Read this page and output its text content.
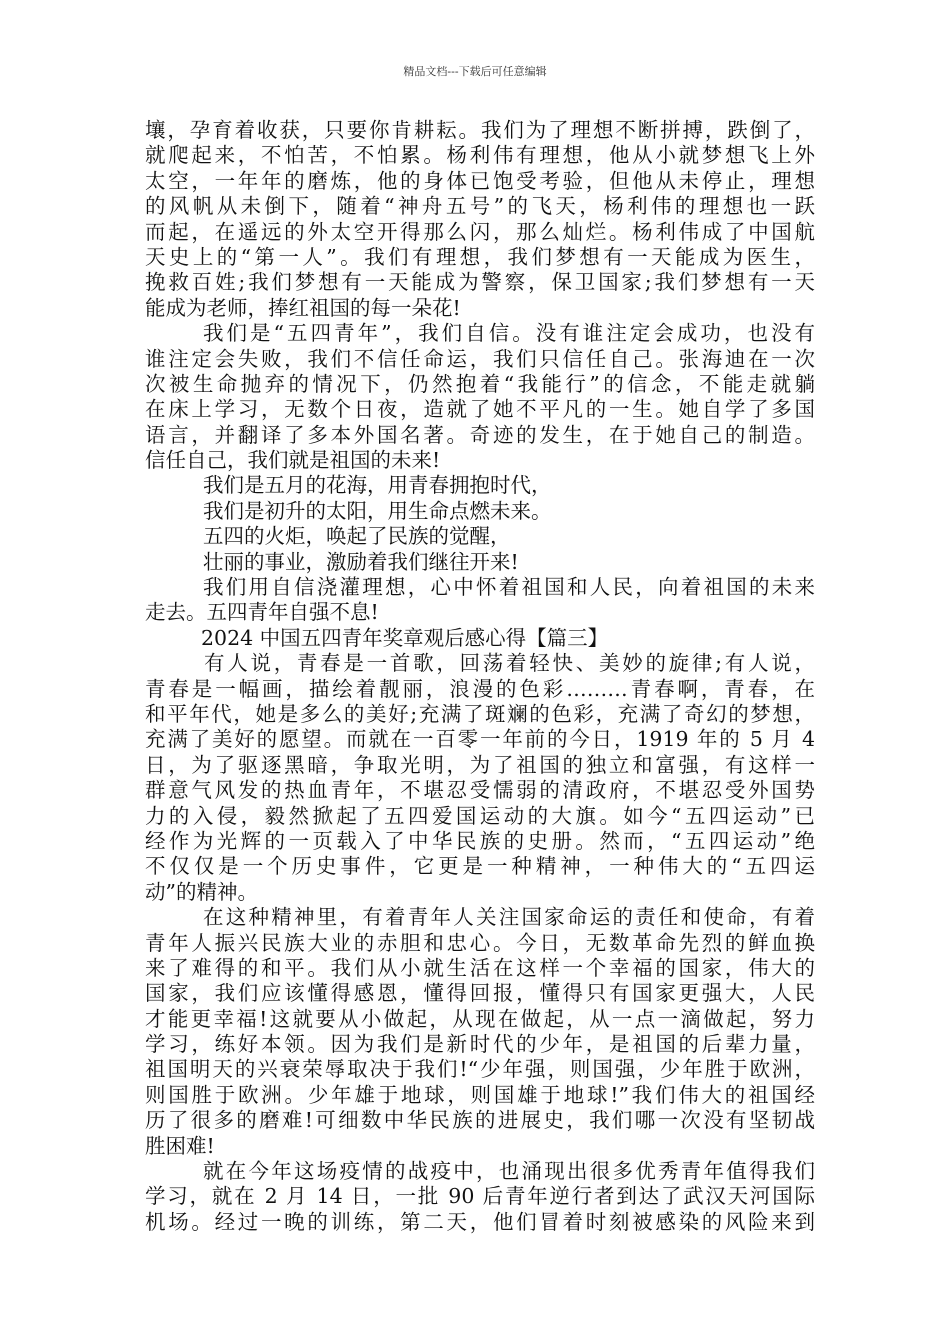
精品文档---下载后可任意编辑
壤，孕育着收获，只要你肯耕耘。我们为了理想不断拼搏，跌倒了，
就爬起来，不怕苦，不怕累。杨利伟有理想，他从小就梦想飞上外
太空，一年年的磨炼，他的身体已饱受考验，但他从未停止，理想
的风帆从未倒下，随着“神舟五号”的飞天，杨利伟的理想也一跃
而起，在遥远的外太空开得那么闪，那么灿烂。杨利伟成了中国航
天史上的“第一人”。我们有理想，我们梦想有一天能成为医生，
挽救百姓;我们梦想有一天能成为警察，保卫国家;我们梦想有一天
能成为老师，捧红祖国的每一朵花!
我们是“五四青年”，我们自信。没有谁注定会成功，也没有
谁注定会失败，我们不信任命运，我们只信任自己。张海迪在一次
次被生命抛弃的情况下，仍然抱着“我能行”的信念，不能走就躺
在床上学习，无数个日夜，造就了她不平凡的一生。她自学了多国
语言，并翻译了多本外国名著。奇迹的发生，在于她自己的制造。
信任自己，我们就是祖国的未来!
我们是五月的花海，用青春拥抱时代，
我们是初升的太阳，用生命点燃未来。
五四的火炬，唤起了民族的觉醒，
壮丽的事业，激励着我们继往开来!
我们用自信浇灌理想，心中怀着祖国和人民，向着祖国的未来
走去。五四青年自强不息!
2024 中国五四青年奖章观后感心得【篇三】
有人说，青春是一首歌，回荡着轻快、美妙的旋律;有人说，
青春是一幅画，描绘着靓丽，浪漫的色彩………青春啊，青春，在
和平年代，她是多么的美好;充满了斑斓的色彩，充满了奇幻的梦想，
充满了美好的愿望。而就在一百零一年前的今日，1919 年的 5 月 4
日，为了驱逐黑暗，争取光明，为了祖国的独立和富强，有这样一
群意气风发的热血青年，不堪忍受懦弱的清政府，不堪忍受外国势
力的入侵，毅然掀起了五四爱国运动的大旗。如今“五四运动”已
经作为光辉的一页载入了中华民族的史册。然而，“五四运动”绝
不仅仅是一个历史事件，它更是一种精神，一种伟大的“五四运
动”的精神。
在这种精神里，有着青年人关注国家命运的责任和使命，有着
青年人振兴民族大业的赤胆和忠心。今日，无数革命先烈的鲜血换
来了难得的和平。我们从小就生活在这样一个幸福的国家，伟大的
国家，我们应该懂得感恩，懂得回报，懂得只有国家更强大，人民
才能更幸福!这就要从小做起，从现在做起，从一点一滴做起，努力
学习，练好本领。因为我们是新时代的少年，是祖国的后辈力量，
祖国明天的兴衰荣辱取决于我们!“少年强，则国强，少年胜于欧洲，
则国胜于欧洲。少年雄于地球，则国雄于地球!”我们伟大的祖国经
历了很多的磨难!可细数中华民族的进展史，我们哪一次没有坚韧战
胜困难!
就在今年这场疫情的战疫中，也涌现出很多优秀青年值得我们
学习，就在 2 月 14 日，一批 90 后青年逆行者到达了武汉天河国际
机场。经过一晚的训练，第二天，他们冒着时刻被感染的风险来到
